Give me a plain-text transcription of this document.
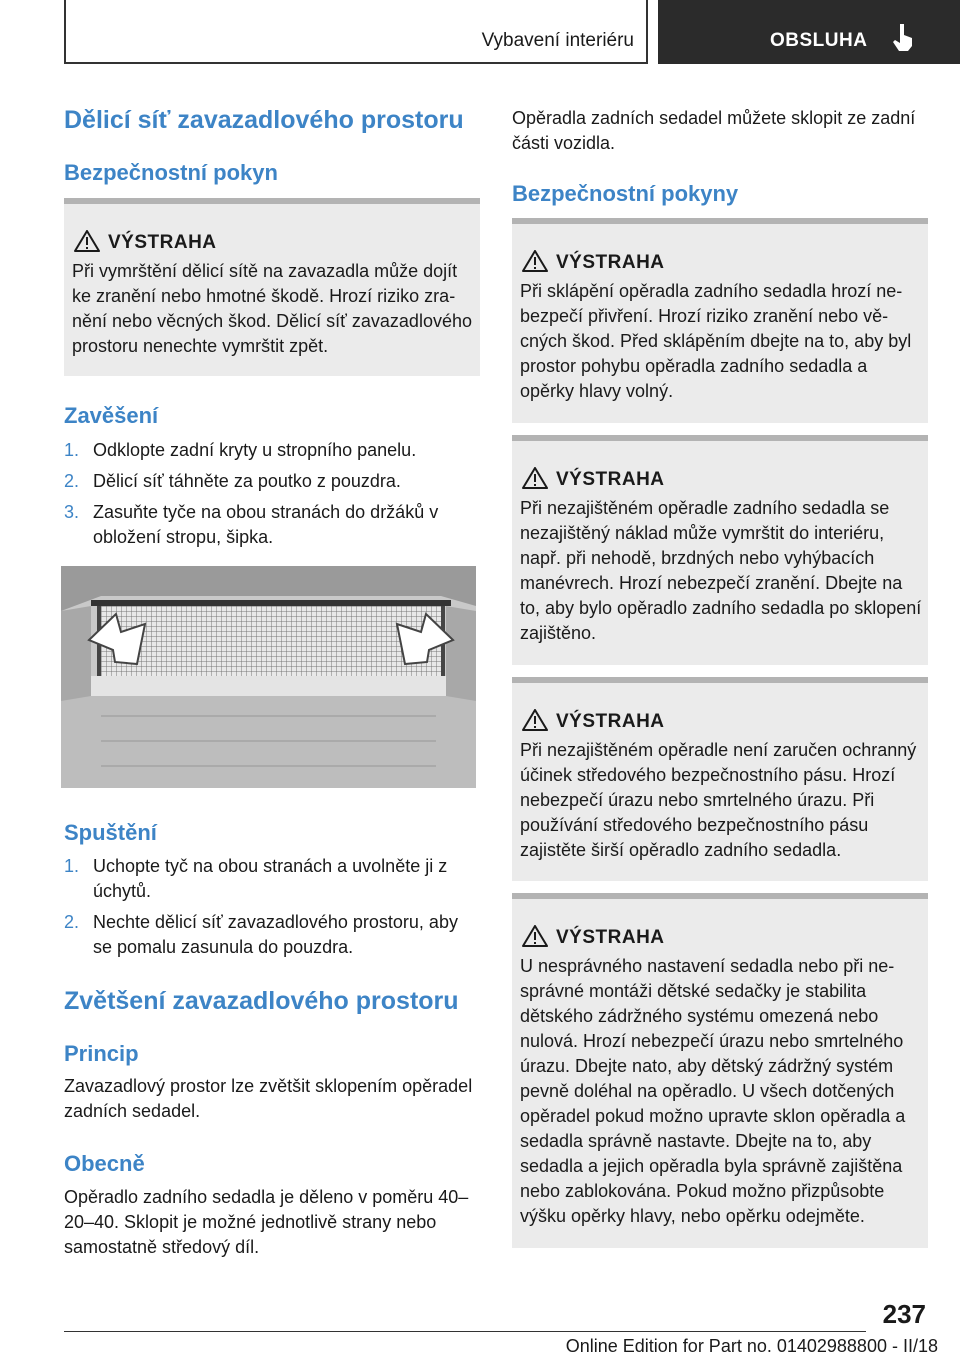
Vybavení interiéru	OBSLUHA
Dělicí síť zavazadlového prostoru
Bezpečnostní pokyn
VÝSTRAHA
Při vymrštění dělicí sítě na zavazadla může dojít ke zranění nebo hmotné škodě. Hrozí riziko zranění nebo věcných škod. Dělicí síť zavazadlového prostoru nenechte vymrštit zpět.
Zavěšení
1. Odklopte zadní kryty u stropního panelu.
2. Dělicí síť táhněte za poutko z pouzdra.
3. Zasuňte tyče na obou stranách do držáků v obložení stropu, šipka.
Spuštění
1. Uchopte tyč na obou stranách a uvolněte ji z úchytů.
2. Nechte dělicí síť zavazadlového prostoru, aby se pomalu zasunula do pouzdra.
Zvětšení zavazadlového prostoru
Princip
Zavazadlový prostor lze zvětšit sklopením opěradel zadních sedadel.
Obecně
Opěradlo zadního sedadla je děleno v poměru 40–20–40. Sklopit je možné jednotlivě strany nebo samostatně středový díl.
Opěradla zadních sedadel můžete sklopit ze zadní části vozidla.
Bezpečnostní pokyny
VÝSTRAHA
Při sklápění opěradla zadního sedadla hrozí nebezpečí přivření. Hrozí riziko zranění nebo věcných škod. Před sklápěním dbejte na to, aby byl prostor pohybu opěradla zadního sedadla a opěrky hlavy volný.
VÝSTRAHA
Při nezajištěném opěradle zadního sedadla se nezajištěný náklad může vymrštit do interiéru, např. při nehodě, brzdných nebo vyhýbacích manévrech. Hrozí nebezpečí zranění. Dbejte na to, aby bylo opěradlo zadního sedadla po sklopení zajištěno.
VÝSTRAHA
Při nezajištěném opěradle není zaručen ochranný účinek středového bezpečnostního pásu. Hrozí nebezpečí úrazu nebo smrtelného úrazu. Při používání středového bezpečnostního pásu zajistěte širší opěradlo zadního sedadla.
VÝSTRAHA
U nesprávného nastavení sedadla nebo při nesprávné montáži dětské sedačky je stabilita dětského zádržného systému omezená nebo nulová. Hrozí nebezpečí úrazu nebo smrtelného úrazu. Dbejte nato, aby dětský zádržný systém pevně doléhal na opěradlo. U všech dotčených opěradel pokud možno upravte sklon opěradla a sedadla správně nastavte. Dbejte na to, aby sedadla a jejich opěradla byla správně zajištěna nebo zablokována. Pokud možno přizpůsobte výšku opěrky hlavy, nebo opěrku odejměte.
237
Online Edition for Part no. 01402988800 - II/18
